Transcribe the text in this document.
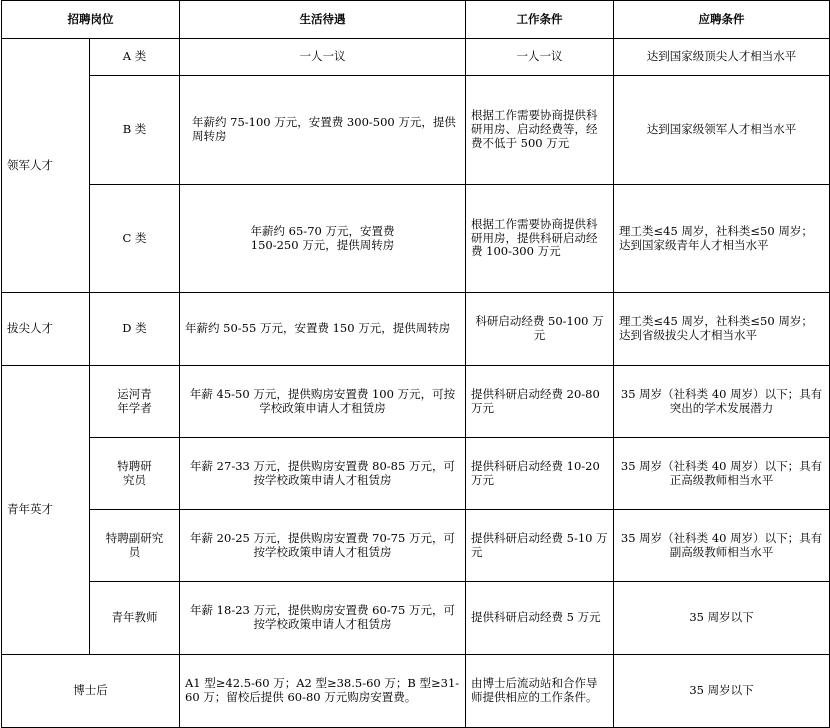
招聘岗位		生活待遇	工作条件	应聘条件
领军人才	A 类	一人一议	一人一议	达到国家级顶尖人才相当水平
	B 类	年薪约 75-100 万元，安置费 300-500 万元，提供周转房	根据工作需要协商提供科研用房、启动经费等，经费不低于 500 万元	达到国家级领军人才相当水平
	C 类	年薪约 65-70 万元，安置费 150-250 万元，提供周转房	根据工作需要协商提供科研用房，提供科研启动经费 100-300 万元	理工类≤45 周岁，社科类≤50 周岁；达到国家级青年人才相当水平
拔尖人才	D 类	年薪约 50-55 万元，安置费 150 万元，提供周转房	科研启动经费 50-100 万元	理工类≤45 周岁，社科类≤50 周岁；达到省级拔尖人才相当水平
青年英才	运河青年学者	年薪 45-50 万元，提供购房安置费 100 万元，可按学校政策申请人才租赁房	提供科研启动经费 20-80 万元	35 周岁（社科类 40 周岁）以下；具有突出的学术发展潜力
	特聘研究员	年薪 27-33 万元，提供购房安置费 80-85 万元，可按学校政策申请人才租赁房	提供科研启动经费 10-20 万元	35 周岁（社科类 40 周岁）以下；具有正高级教师相当水平
	特聘副研究员	年薪 20-25 万元，提供购房安置费 70-75 万元，可按学校政策申请人才租赁房	提供科研启动经费 5-10 万元	35 周岁（社科类 40 周岁）以下；具有副高级教师相当水平
	青年教师	年薪 18-23 万元，提供购房安置费 60-75 万元，可按学校政策申请人才租赁房	提供科研启动经费 5 万元	35 周岁以下
博士后		A1 型≥42.5-60 万；A2 型≥38.5-60 万；B 型≥31-60 万；留校后提供 60-80 万元购房安置费。	由博士后流动站和合作导师提供相应的工作条件。	35 周岁以下
